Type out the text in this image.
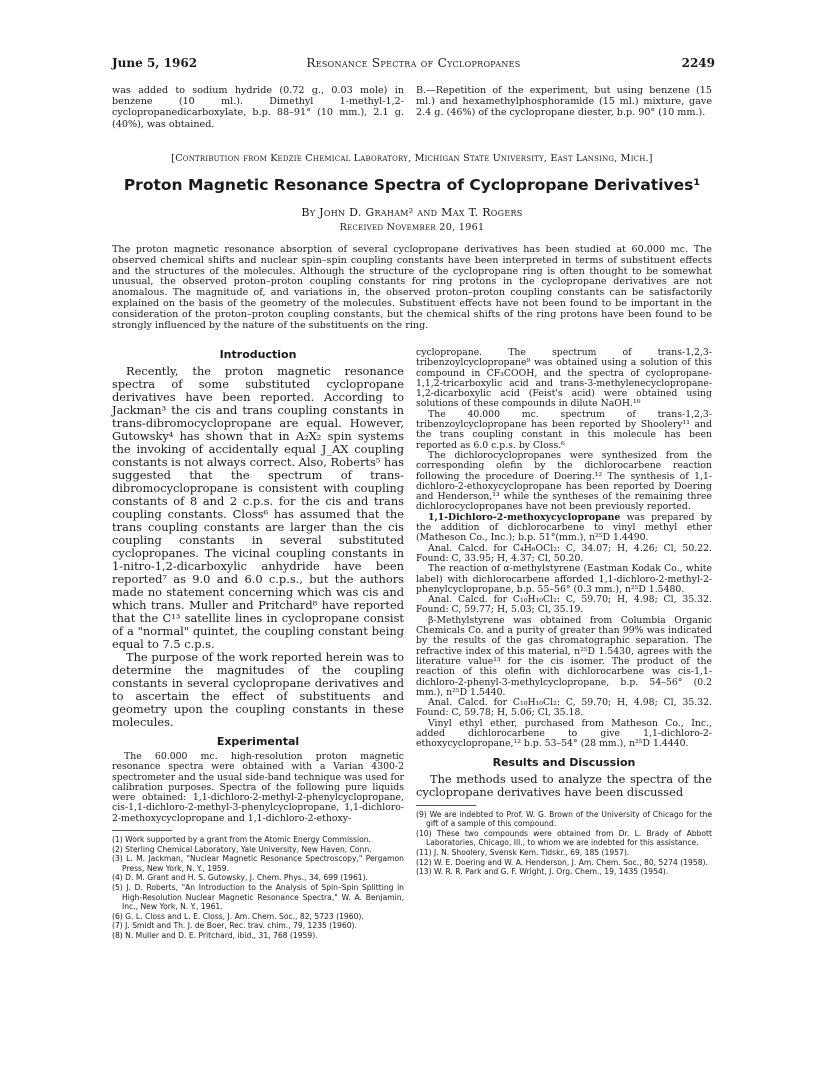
June 5, 1962	Resonance Spectra of Cyclopropanes	2249

was added to sodium hydride (0.72 g., 0.03 mole) in benzene (10 ml.). Dimethyl 1-methyl-1,2-cyclopropanedicarboxylate, b.p. 88–91° (10 mm.), 2.1 g. (40%), was obtained.

B.—Repetition of the experiment, but using benzene (15 ml.) and hexamethylphosphoramide (15 ml.) mixture, gave 2.4 g. (46%) of the cyclopropane diester, b.p. 90° (10 mm.).

[Contribution from Kedzie Chemical Laboratory, Michigan State University, East Lansing, Mich.]
Proton Magnetic Resonance Spectra of Cyclopropane Derivatives¹
By John D. Graham² and Max T. Rogers
Received November 20, 1961
The proton magnetic resonance absorption of several cyclopropane derivatives has been studied at 60.000 mc. The observed chemical shifts and nuclear spin–spin coupling constants have been interpreted in terms of substituent effects and the structures of the molecules. Although the structure of the cyclopropane ring is often thought to be somewhat unusual, the observed proton–proton coupling constants for ring protons in the cyclopropane derivatives are not anomalous. The magnitude of, and variations in, the observed proton–proton coupling constants can be satisfactorily explained on the basis of the geometry of the molecules. Substituent effects have not been found to be important in the consideration of the proton–proton coupling constants, but the chemical shifts of the ring protons have been found to be strongly influenced by the nature of the substituents on the ring.
Introduction

Recently, the proton magnetic resonance spectra of some substituted cyclopropane derivatives have been reported. According to Jackman³ the cis and trans coupling constants in trans-dibromocyclopropane are equal. However, Gutowsky⁴ has shown that in A₂X₂ spin systems the invoking of accidentally equal J_AX coupling constants is not always correct. Also, Roberts⁵ has suggested that the spectrum of trans-dibromocyclopropane is consistent with coupling constants of 8 and 2 c.p.s. for the cis and trans coupling constants. Closs⁶ has assumed that the trans coupling constants are larger than the cis coupling constants in several substituted cyclopropanes. The vicinal coupling constants in 1-nitro-1,2-dicarboxylic anhydride have been reported⁷ as 9.0 and 6.0 c.p.s., but the authors made no statement concerning which was cis and which trans. Muller and Pritchard⁸ have reported that the C¹³ satellite lines in cyclopropane consist of a "normal" quintet, the coupling constant being equal to 7.5 c.p.s.

The purpose of the work reported herein was to determine the magnitudes of the coupling constants in several cyclopropane derivatives and to ascertain the effect of substituents and geometry upon the coupling constants in these molecules.

Experimental

The 60.000 mc. high-resolution proton magnetic resonance spectra were obtained with a Varian 4300-2 spectrometer and the usual side-band technique was used for calibration purposes. Spectra of the following pure liquids were obtained: 1,1-dichloro-2-methyl-2-phenylcyclopropane, cis-1,1-dichloro-2-methyl-3-phenylcyclopropane, 1,1-dichloro-2-methoxycyclopropane and 1,1-dichloro-2-ethoxy-

(1) Work supported by a grant from the Atomic Energy Commission.

(2) Sterling Chemical Laboratory, Yale University, New Haven, Conn.

(3) L. M. Jackman, "Nuclear Magnetic Resonance Spectroscopy," Pergamon Press, New York, N. Y., 1959.

(4) D. M. Grant and H. S. Gutowsky, J. Chem. Phys., 34, 699 (1961).

(5) J. D. Roberts, "An Introduction to the Analysis of Spin–Spin Splitting in High-Resolution Nuclear Magnetic Resonance Spectra," W. A. Benjamin, Inc., New York, N. Y., 1961.

(6) G. L. Closs and L. E. Closs, J. Am. Chem. Soc., 82, 5723 (1960).

(7) J. Smidt and Th. J. de Boer, Rec. trav. chim., 79, 1235 (1960).

(8) N. Muller and D. E. Pritchard, ibid., 31, 768 (1959).

cyclopropane. The spectrum of trans-1,2,3-tribenzoylcyclopropane⁹ was obtained using a solution of this compound in CF₃COOH, and the spectra of cyclopropane-1,1,2-tricarboxylic acid and trans-3-methylenecyclopropane-1,2-dicarboxylic acid (Feist's acid) were obtained using solutions of these compounds in dilute NaOH.¹⁰

The 40.000 mc. spectrum of trans-1,2,3-tribenzoylcyclopropane has been reported by Shoolery¹¹ and the trans coupling constant in this molecule has been reported as 6.0 c.p.s. by Closs.⁶

The dichlorocyclopropanes were synthesized from the corresponding olefin by the dichlorocarbene reaction following the procedure of Doering.¹² The synthesis of 1,1-dichloro-2-ethoxycyclopropane has been reported by Doering and Henderson,¹³ while the syntheses of the remaining three dichlorocyclopropanes have not been previously reported.

1,1-Dichloro-2-methoxycyclopropane was prepared by the addition of dichlorocarbene to vinyl methyl ether (Matheson Co., Inc.); b.p. 51°(mm.), n²⁵D 1.4490.

Anal. Calcd. for C₄H₆OCl₂: C, 34.07; H, 4.26; Cl, 50.22. Found: C, 33.95; H, 4.37; Cl, 50.20.

The reaction of α-methylstyrene (Eastman Kodak Co., white label) with dichlorocarbene afforded 1,1-dichloro-2-methyl-2-phenylcyclopropane, b.p. 55–56° (0.3 mm.), n²⁵D 1.5480.

Anal. Calcd. for C₁₀H₁₀Cl₂: C, 59.70; H, 4.98; Cl, 35.32. Found: C, 59.77; H, 5.03; Cl, 35.19.

β-Methylstyrene was obtained from Columbia Organic Chemicals Co. and a purity of greater than 99% was indicated by the results of the gas chromatographic separation. The refractive index of this material, n²⁵D 1.5430, agrees with the literature value¹³ for the cis isomer. The product of the reaction of this olefin with dichlorocarbene was cis-1,1-dichloro-2-phenyl-3-methylcyclopropane, b.p. 54–56° (0.2 mm.), n²⁵D 1.5440.

Anal. Calcd. for C₁₀H₁₀Cl₂: C, 59.70; H, 4.98; Cl, 35.32. Found: C, 59.78; H, 5.06; Cl, 35.18.

Vinyl ethyl ether, purchased from Matheson Co., Inc., added dichlorocarbene to give 1,1-dichloro-2-ethoxycyclopropane,¹² b.p. 53–54° (28 mm.), n²⁵D 1.4440.

Results and Discussion

The methods used to analyze the spectra of the cyclopropane derivatives have been discussed

(9) We are indebted to Prof. W. G. Brown of the University of Chicago for the gift of a sample of this compound.

(10) These two compounds were obtained from Dr. L. Brady of Abbott Laboratories, Chicago, Ill., to whom we are indebted for this assistance.

(11) J. N. Shoolery, Svensk Kem. Tidskr., 69, 185 (1957).

(12) W. E. Doering and W. A. Henderson, J. Am. Chem. Soc., 80, 5274 (1958).

(13) W. R. R. Park and G. F. Wright, J. Org. Chem., 19, 1435 (1954).
